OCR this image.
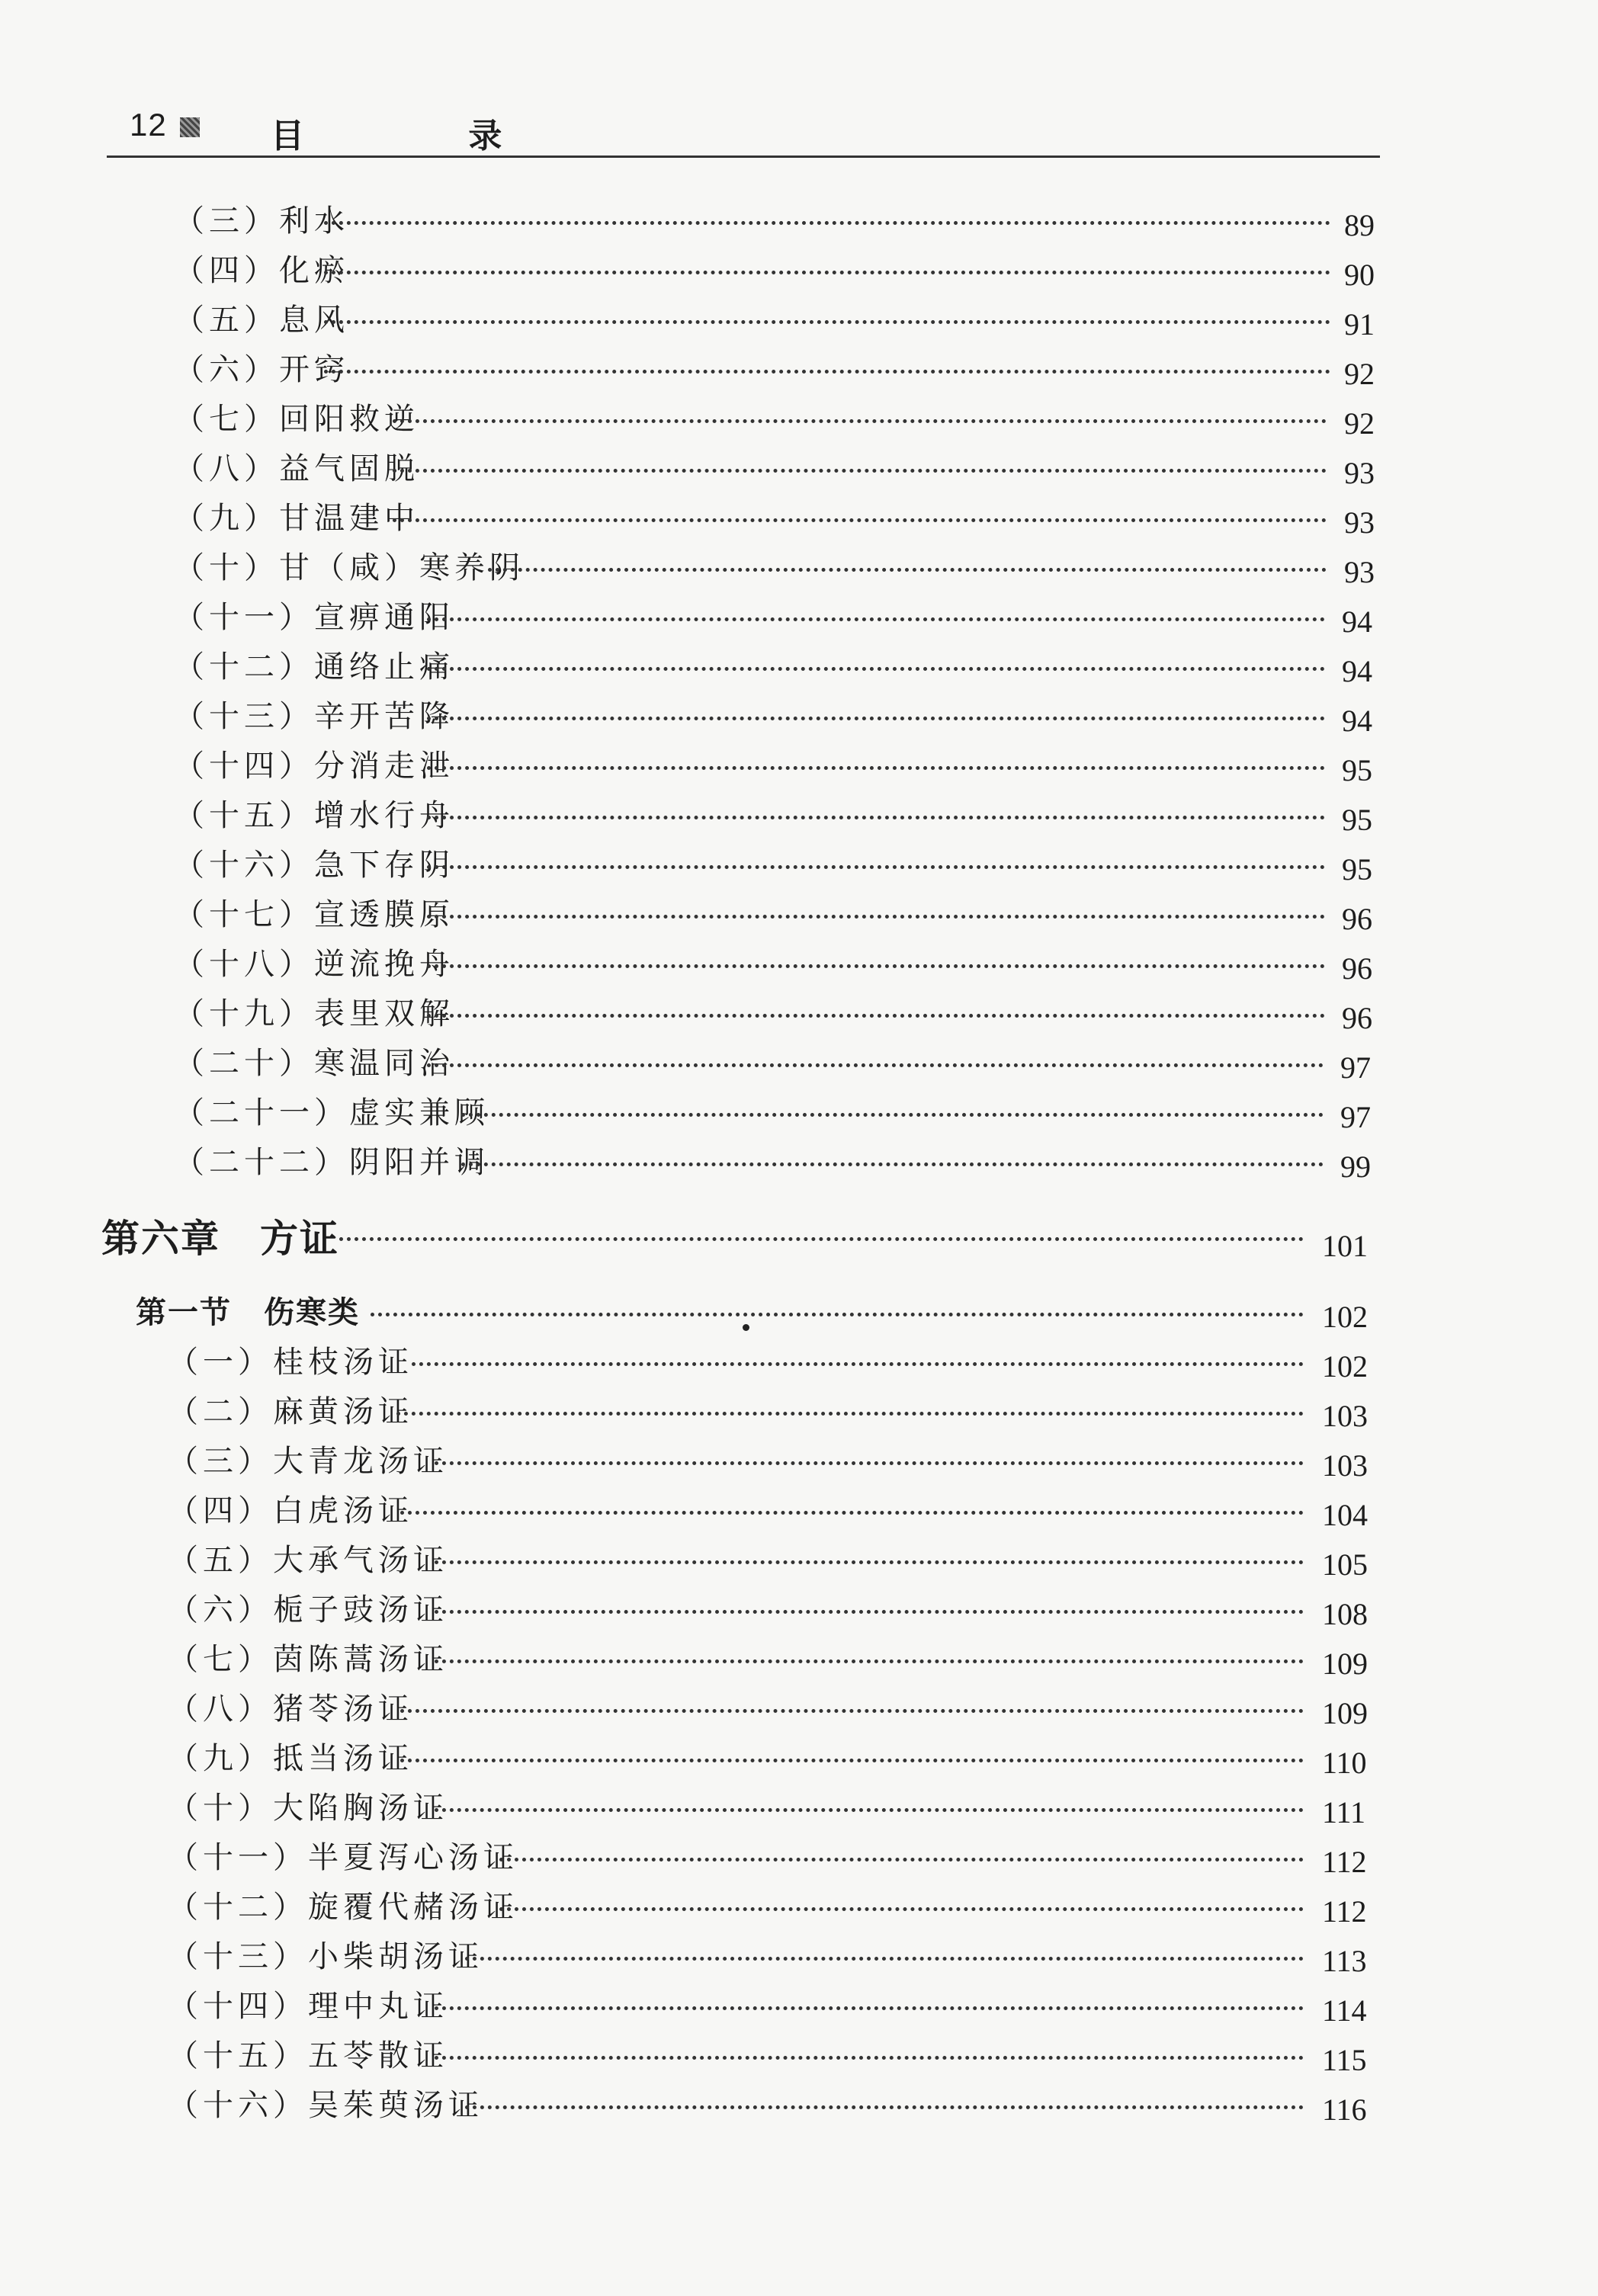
12	目 录
（三）利水	89
（四）化瘀	90
（五）息风	91
（六）开窍	92
（七）回阳救逆	92
（八）益气固脱	93
（九）甘温建中	93
（十）甘（咸）寒养阴	93
（十一）宣痹通阳	94
（十二）通络止痛	94
（十三）辛开苦降	94
（十四）分消走泄	95
（十五）增水行舟	95
（十六）急下存阴	95
（十七）宣透膜原	96
（十八）逆流挽舟	96
（十九）表里双解	96
（二十）寒温同治	97
（二十一）虚实兼顾	97
（二十二）阴阳并调	99
第六章　方证	101
第一节　伤寒类	102
（一）桂枝汤证	102
（二）麻黄汤证	103
（三）大青龙汤证	103
（四）白虎汤证	104
（五）大承气汤证	105
（六）栀子豉汤证	108
（七）茵陈蒿汤证	109
（八）猪苓汤证	109
（九）抵当汤证	110
（十）大陷胸汤证	111
（十一）半夏泻心汤证	112
（十二）旋覆代赭汤证	112
（十三）小柴胡汤证	113
（十四）理中丸证	114
（十五）五苓散证	115
（十六）吴茱萸汤证	116
